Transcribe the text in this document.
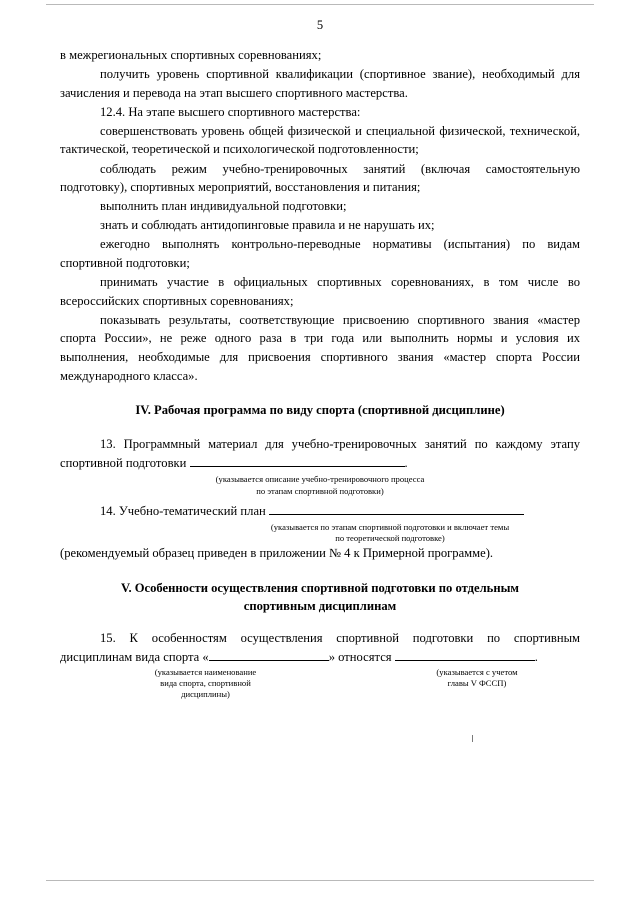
5

в межрегиональных спортивных соревнованиях;

получить уровень спортивной квалификации (спортивное звание), необходимый для зачисления и перевода на этап высшего спортивного мастерства.

12.4. На этапе высшего спортивного мастерства:

совершенствовать уровень общей физической и специальной физической, технической, тактической, теоретической и психологической подготовленности;

соблюдать режим учебно-тренировочных занятий (включая самостоятельную подготовку), спортивных мероприятий, восстановления и питания;

выполнить план индивидуальной подготовки;

знать и соблюдать антидопинговые правила и не нарушать их;

ежегодно выполнять контрольно-переводные нормативы (испытания) по видам спортивной подготовки;

принимать участие в официальных спортивных соревнованиях, в том числе во всероссийских спортивных соревнованиях;

показывать результаты, соответствующие присвоению спортивного звания «мастер спорта России», не реже одного раза в три года или выполнить нормы и условия их выполнения, необходимые для присвоения спортивного звания «мастер спорта России международного класса».

IV. Рабочая программа по виду спорта (спортивной дисциплине)

13. Программный материал для учебно-тренировочных занятий по каждому этапу спортивной подготовки	.

(указывается описание учебно-тренировочного процесса
по этапам спортивной подготовки)

14. Учебно-тематический план

(указывается по этапам спортивной подготовки и включает темы
по теоретической подготовке)

(рекомендуемый образец приведен в приложении № 4 к Примерной программе).

V. Особенности осуществления спортивной подготовки по отдельным
спортивным дисциплинам

15. К особенностям осуществления спортивной подготовки по спортивным дисциплинам вида спорта «	» относятся	.

(указывается наименование
вида спорта, спортивной
дисциплины)
(указывается с учетом
главы V ФССП)
